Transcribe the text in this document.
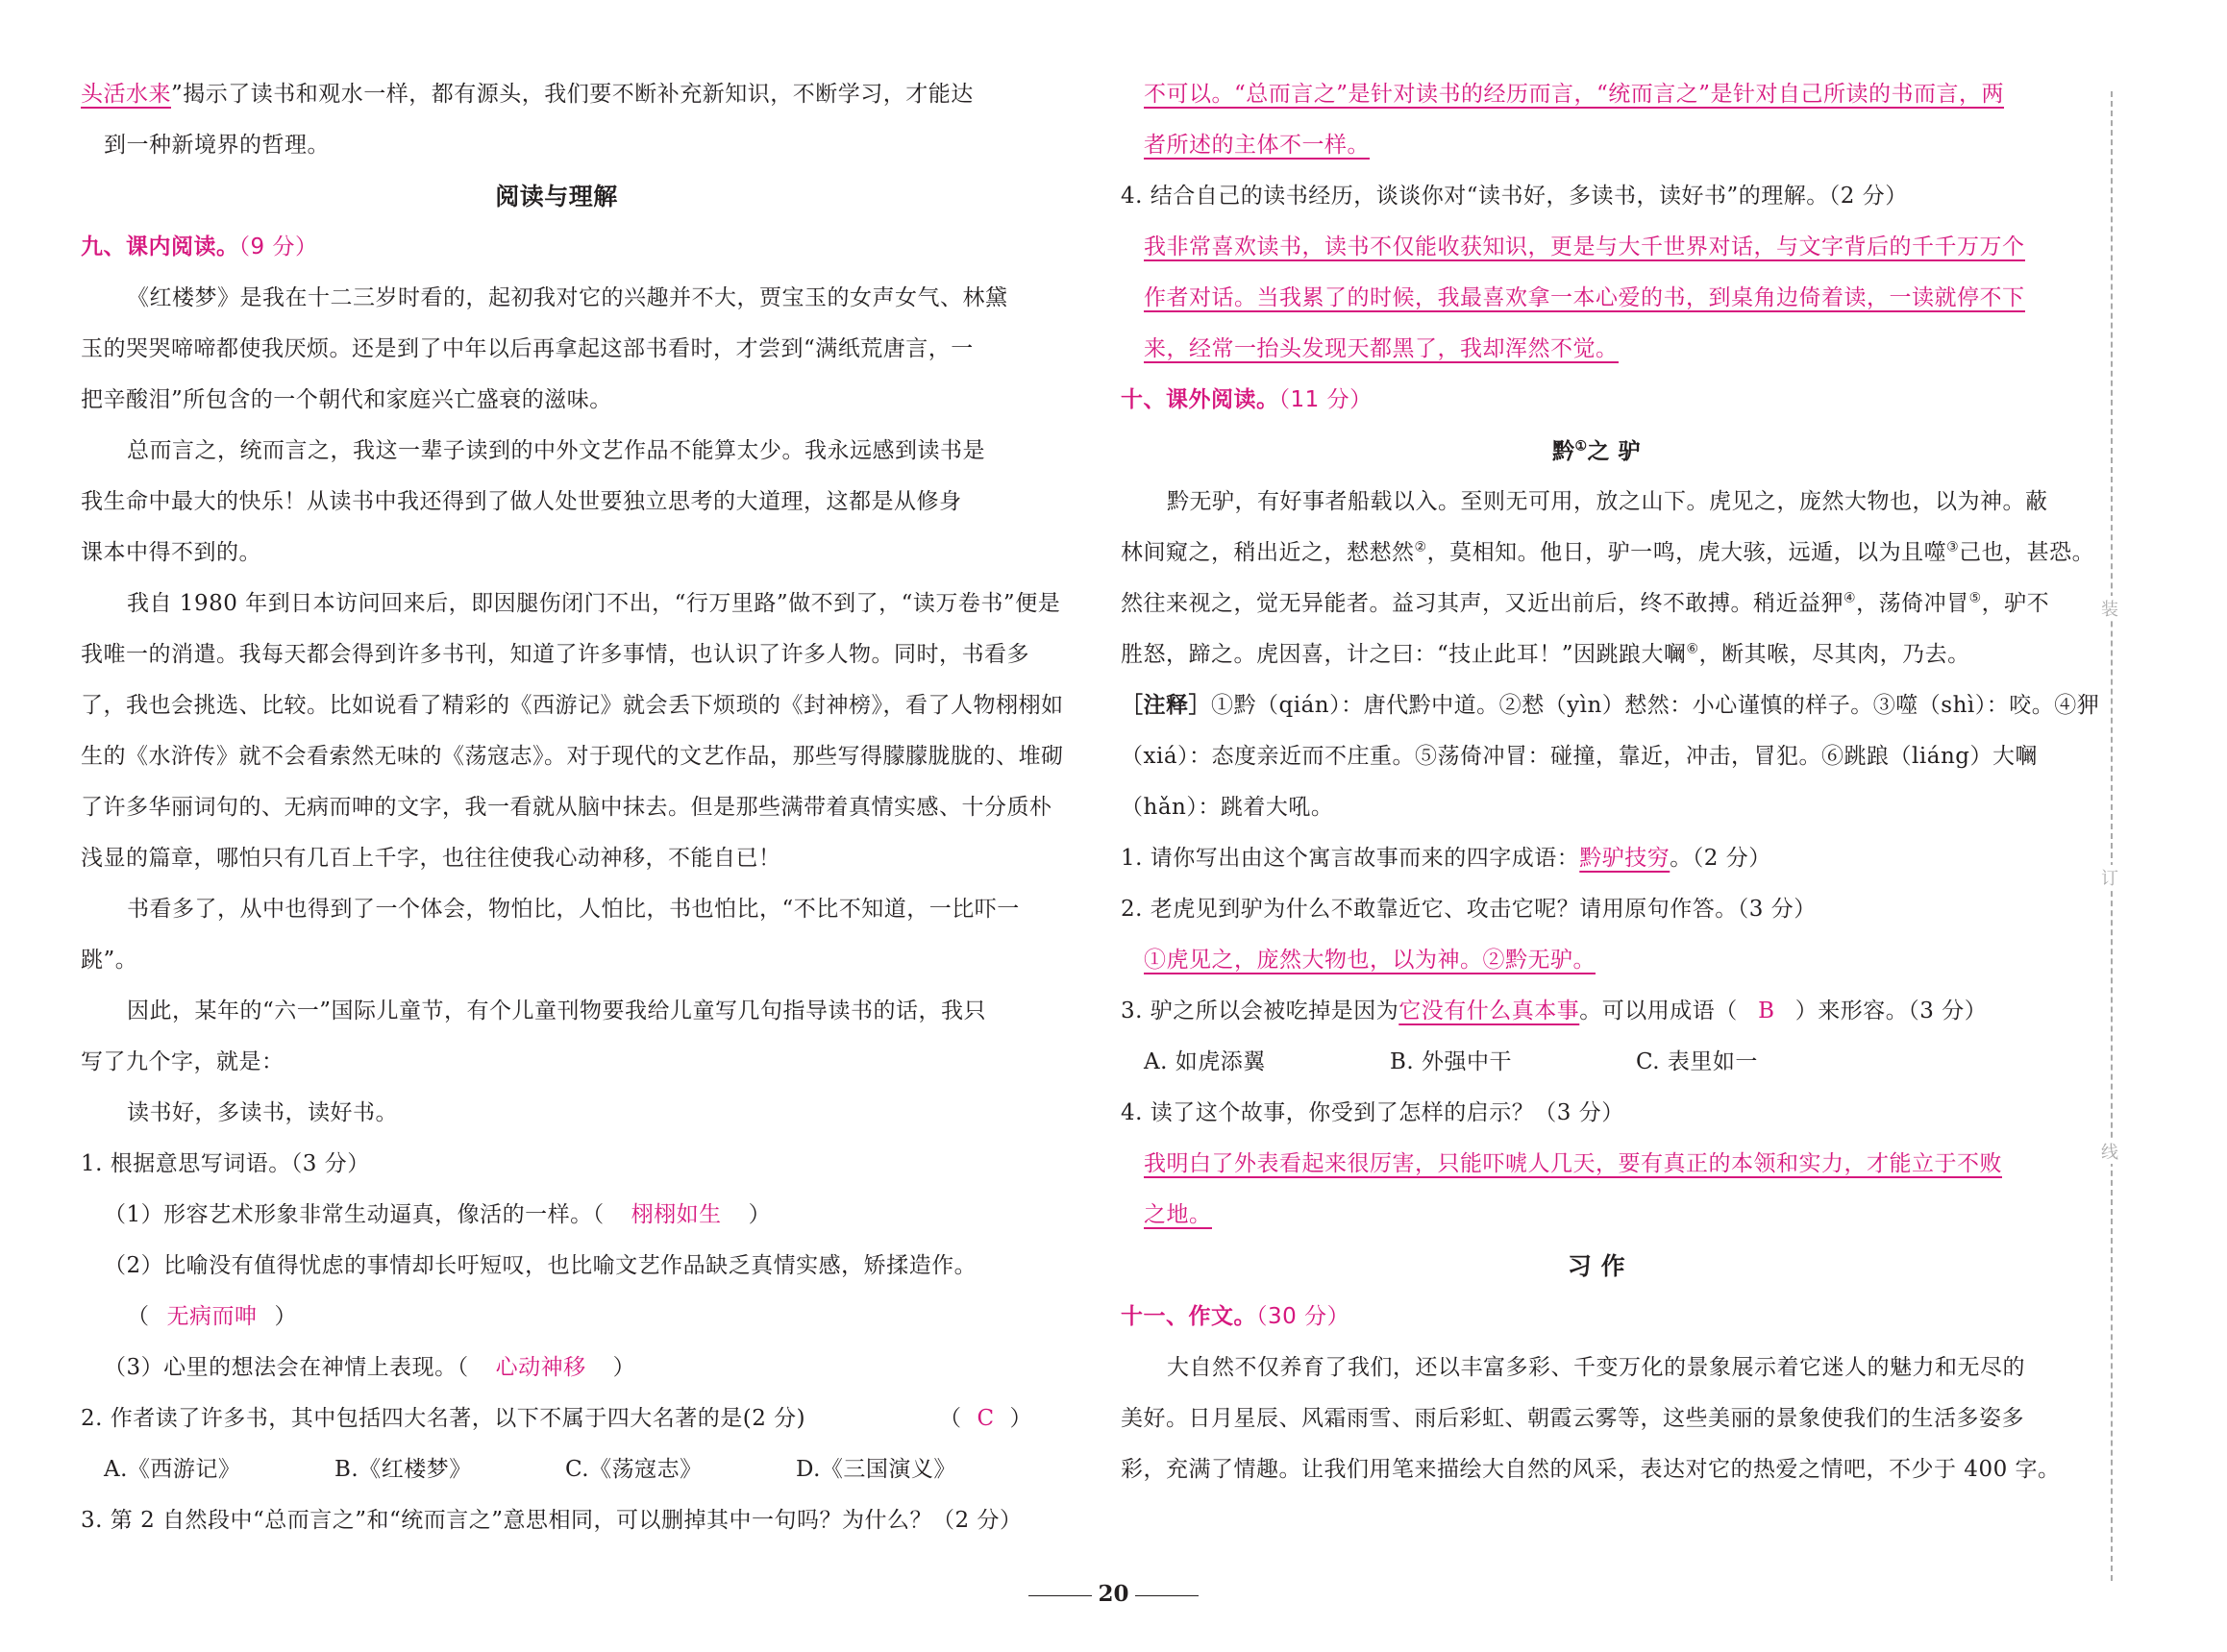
头活水来”揭示了读书和观水一样，都有源头，我们要不断补充新知识，不断学习，才能达
到一种新境界的哲理。
阅读与理解
九、课内阅读。（9 分）
《红楼梦》是我在十二三岁时看的，起初我对它的兴趣并不大，贾宝玉的女声女气、林黛
玉的哭哭啼啼都使我厌烦。还是到了中年以后再拿起这部书看时，才尝到“满纸荒唐言，一
把辛酸泪”所包含的一个朝代和家庭兴亡盛衰的滋味。
总而言之，统而言之，我这一辈子读到的中外文艺作品不能算太少。我永远感到读书是
我生命中最大的快乐！从读书中我还得到了做人处世要独立思考的大道理，这都是从修身
课本中得不到的。
我自 1980 年到日本访问回来后，即因腿伤闭门不出，“行万里路”做不到了，“读万卷书”便是
我唯一的消遣。我每天都会得到许多书刊，知道了许多事情，也认识了许多人物。同时，书看多
了，我也会挑选、比较。比如说看了精彩的《西游记》就会丢下烦琐的《封神榜》，看了人物栩栩如
生的《水浒传》就不会看索然无味的《荡寇志》。对于现代的文艺作品，那些写得朦朦胧胧的、堆砌
了许多华丽词句的、无病而呻的文字，我一看就从脑中抹去。但是那些满带着真情实感、十分质朴
浅显的篇章，哪怕只有几百上千字，也往往使我心动神移，不能自已！
书看多了，从中也得到了一个体会，物怕比，人怕比，书也怕比，“不比不知道，一比吓一
跳”。
因此，某年的“六一”国际儿童节，有个儿童刊物要我给儿童写几句指导读书的话，我只
写了九个字，就是：
读书好，多读书，读好书。
1. 根据意思写词语。（3 分）
（1）形容艺术形象非常生动逼真，像活的一样。（ 栩栩如生 ）
（2）比喻没有值得忧虑的事情却长吁短叹，也比喻文艺作品缺乏真情实感，矫揉造作。
（ 无病而呻 ）
（3）心里的想法会在神情上表现。（ 心动神移 ）
2. 作者读了许多书，其中包括四大名著，以下不属于四大名著的是(2 分)	（ C ）
A.《西游记》	B.《红楼梦》	C.《荡寇志》	D.《三国演义》
3. 第 2 自然段中“总而言之”和“统而言之”意思相同，可以删掉其中一句吗？为什么？（2 分）
不可以。“总而言之”是针对读书的经历而言，“统而言之”是针对自己所读的书而言，两
者所述的主体不一样。
4. 结合自己的读书经历，谈谈你对“读书好，多读书，读好书”的理解。（2 分）
我非常喜欢读书，读书不仅能收获知识，更是与大千世界对话，与文字背后的千千万万个
作者对话。当我累了的时候，我最喜欢拿一本心爱的书，到桌角边倚着读，一读就停不下
来，经常一抬头发现天都黑了，我却浑然不觉。
十、课外阅读。（11 分）
黔①之 驴
黔无驴，有好事者船载以入。至则无可用，放之山下。虎见之，庞然大物也，以为神。蔽
林间窥之，稍出近之，慭慭然②，莫相知。他日，驴一鸣，虎大骇，远遁，以为且噬③己也，甚恐。
然往来视之，觉无异能者。益习其声，又近出前后，终不敢搏。稍近益狎④，荡倚冲冒⑤，驴不
胜怒，蹄之。虎因喜，计之曰：“技止此耳！”因跳踉大㘎⑥，断其喉，尽其肉，乃去。
［注释］①黔（qián）：唐代黔中道。②慭（yìn）慭然：小心谨慎的样子。③噬（shì）：咬。④狎
（xiá）：态度亲近而不庄重。⑤荡倚冲冒：碰撞，靠近，冲击，冒犯。⑥跳踉（liáng）大㘎
（hǎn）：跳着大吼。
1. 请你写出由这个寓言故事而来的四字成语：黔驴技穷。（2 分）
2. 老虎见到驴为什么不敢靠近它、攻击它呢？请用原句作答。（3 分）
①虎见之，庞然大物也，以为神。②黔无驴。
3. 驴之所以会被吃掉是因为它没有什么真本事。可以用成语（ B ）来形容。（3 分）
A. 如虎添翼	B. 外强中干	C. 表里如一
4. 读了这个故事，你受到了怎样的启示？（3 分）
我明白了外表看起来很厉害，只能吓唬人几天，要有真正的本领和实力，才能立于不败
之地。
习 作
十一、作文。（30 分）
大自然不仅养育了我们，还以丰富多彩、千变万化的景象展示着它迷人的魅力和无尽的
美好。日月星辰、风霜雨雪、雨后彩虹、朝霞云雾等，这些美丽的景象使我们的生活多姿多
彩，充满了情趣。让我们用笔来描绘大自然的风采，表达对它的热爱之情吧，不少于 400 字。
装
订
线
20
